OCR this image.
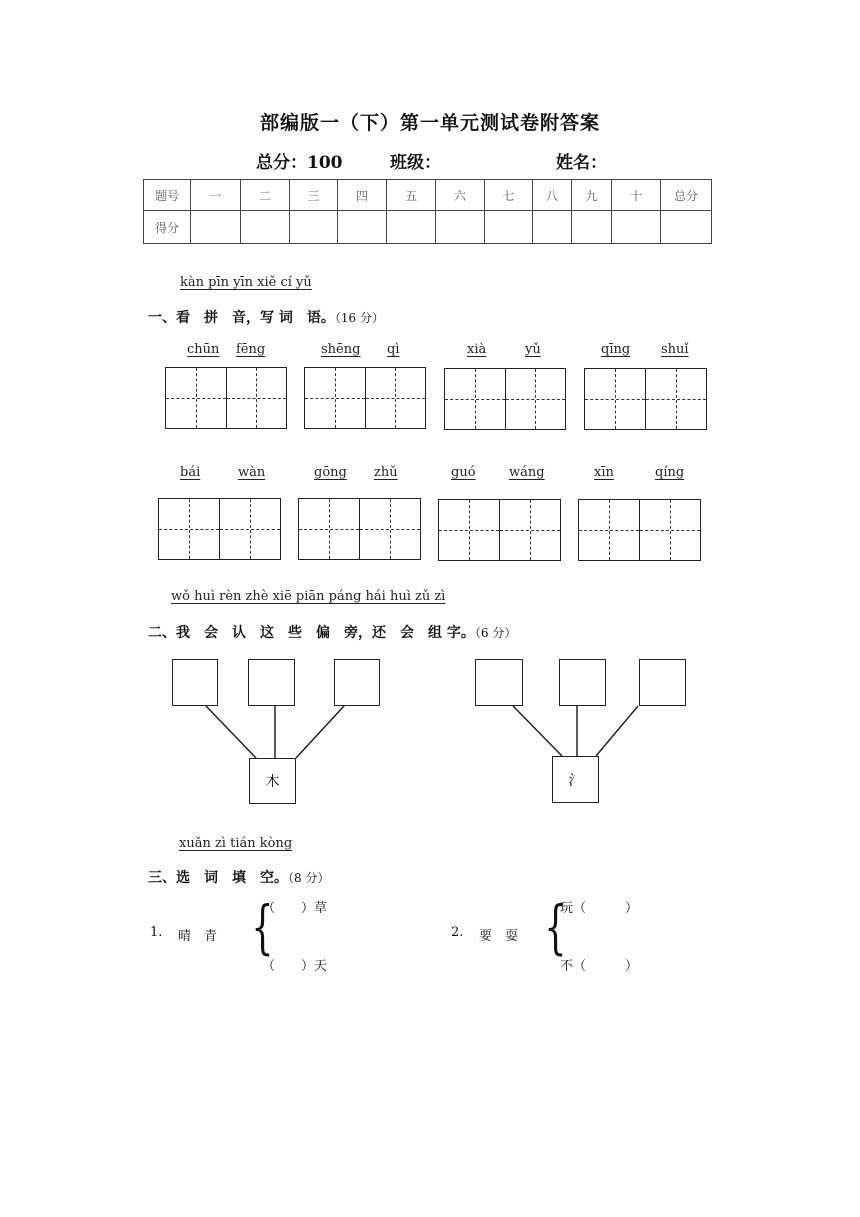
部编版一（下）第一单元测试卷附答案
总分：100	班级：	姓名：
题号	一	二	三	四	五	六	七	八	九	十	总分
得分											
kàn pīn yīn xiě cí yǔ
一、看　拼　音，写 词　语。（16 分）
chūn fēng	shēng qì	xià	yǔ	qīng shuǐ
bái	wàn	gōng zhǔ	guó	wáng	xīn	qíng
wǒ huì rèn zhè xiē piān páng hái huì zǔ zì
二、我　会　认　这　些　偏　旁，还　会　组 字。（6 分）
木	氵
xuǎn zì tián kòng
三、选　词　填　空。（8 分）
1. 晴　青 {
（　　）草
（　　）天
2. 要　耍 {
玩（　　　）
不（　　　）
